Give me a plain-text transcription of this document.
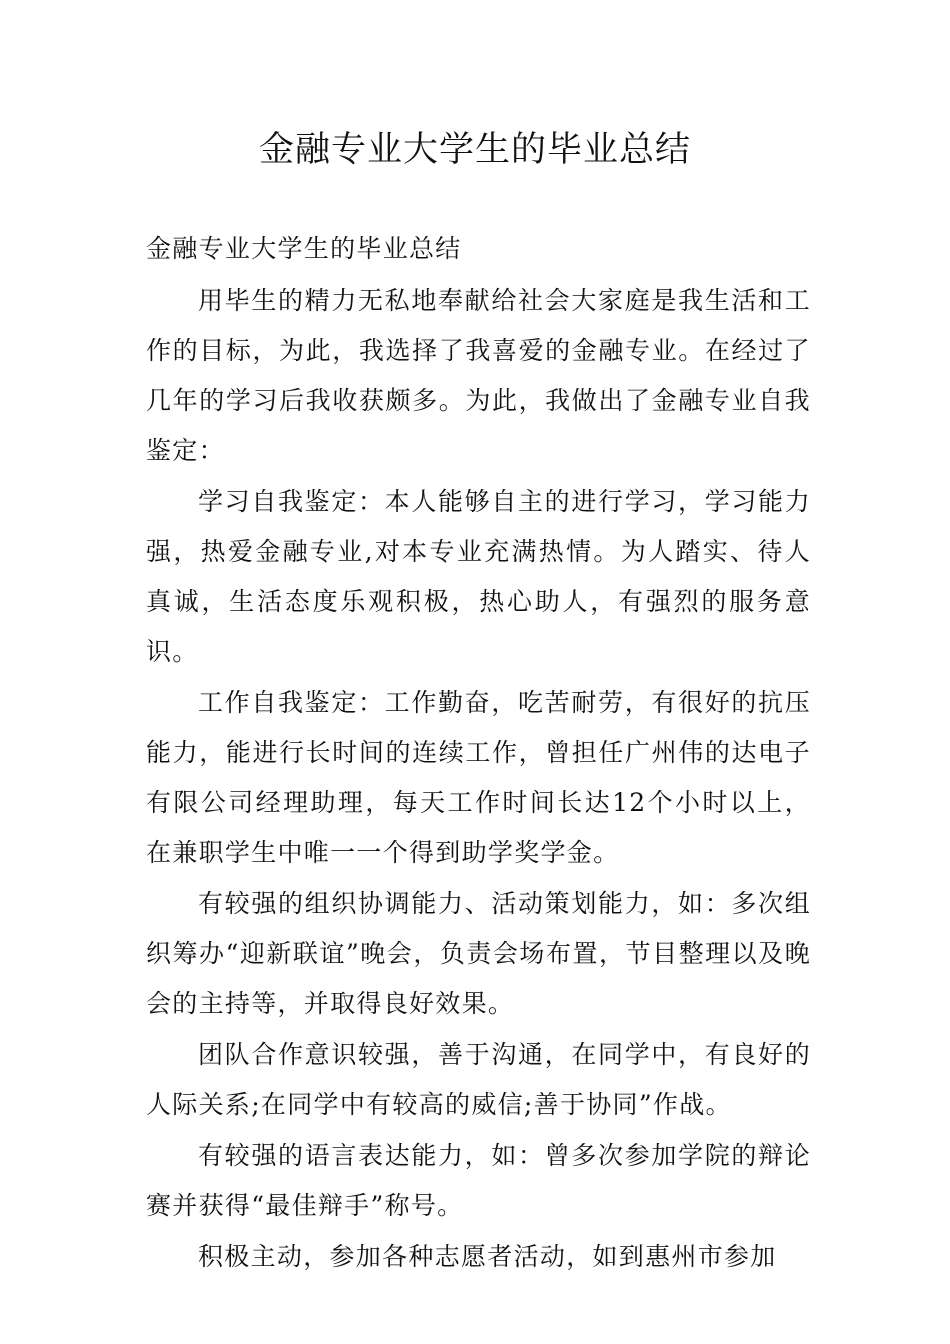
金融专业大学生的毕业总结

金融专业大学生的毕业总结

用毕生的精力无私地奉献给社会大家庭是我生活和工作的目标，为此，我选择了我喜爱的金融专业。在经过了几年的学习后我收获颇多。为此，我做出了金融专业自我鉴定：

学习自我鉴定：本人能够自主的进行学习，学习能力强，热爱金融专业,对本专业充满热情。为人踏实、待人真诚，生活态度乐观积极，热心助人，有强烈的服务意识。

工作自我鉴定：工作勤奋，吃苦耐劳，有很好的抗压能力，能进行长时间的连续工作，曾担任广州伟的达电子有限公司经理助理，每天工作时间长达12个小时以上，在兼职学生中唯一一个得到助学奖学金。

有较强的组织协调能力、活动策划能力，如：多次组织筹办“迎新联谊”晚会，负责会场布置，节目整理以及晚会的主持等，并取得良好效果。

团队合作意识较强，善于沟通，在同学中，有良好的人际关系;在同学中有较高的威信;善于协同”作战。

有较强的语言表达能力，如：曾多次参加学院的辩论赛并获得“最佳辩手”称号。

积极主动，参加各种志愿者活动，如到惠州市参加
